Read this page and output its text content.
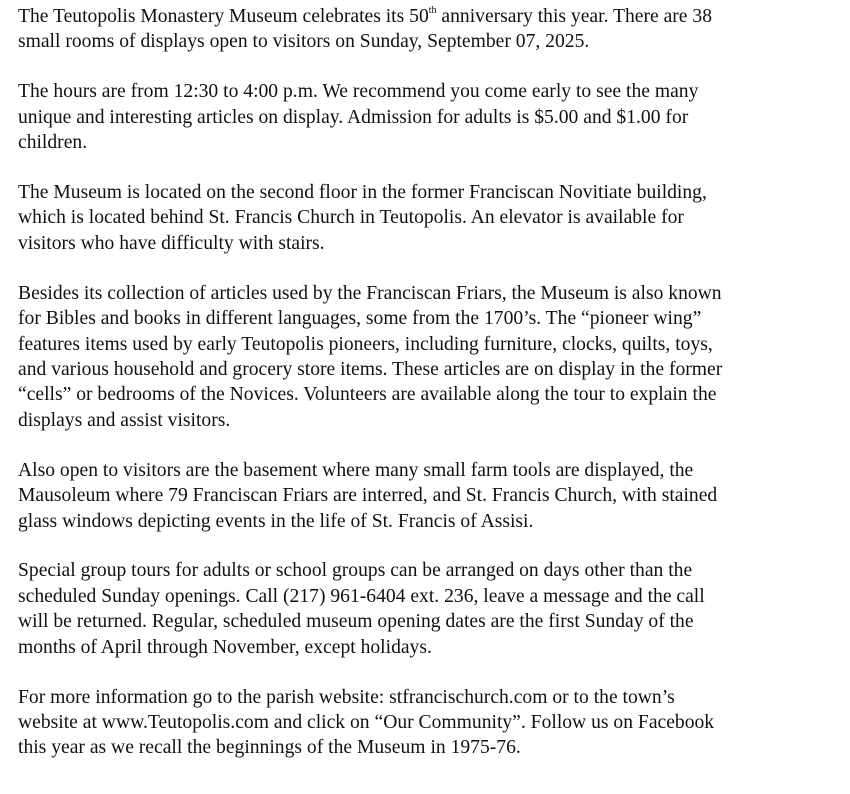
The Teutopolis Monastery Museum celebrates its 50th anniversary this year. There are 38
small rooms of displays open to visitors on Sunday, September 07, 2025.

The hours are from 12:30 to 4:00 p.m. We recommend you come early to see the many
unique and interesting articles on display. Admission for adults is $5.00 and $1.00 for
children.

The Museum is located on the second floor in the former Franciscan Novitiate building,
which is located behind St. Francis Church in Teutopolis. An elevator is available for
visitors who have difficulty with stairs.

Besides its collection of articles used by the Franciscan Friars, the Museum is also known
for Bibles and books in different languages, some from the 1700’s. The “pioneer wing”
features items used by early Teutopolis pioneers, including furniture, clocks, quilts, toys,
and various household and grocery store items. These articles are on display in the former
“cells” or bedrooms of the Novices. Volunteers are available along the tour to explain the
displays and assist visitors.

Also open to visitors are the basement where many small farm tools are displayed, the
Mausoleum where 79 Franciscan Friars are interred, and St. Francis Church, with stained
glass windows depicting events in the life of St. Francis of Assisi.

Special group tours for adults or school groups can be arranged on days other than the
scheduled Sunday openings. Call (217) 961-6404 ext. 236, leave a message and the call
will be returned. Regular, scheduled museum opening dates are the first Sunday of the
months of April through November, except holidays.

For more information go to the parish website: stfrancischurch.com or to the town’s
website at www.Teutopolis.com and click on “Our Community”. Follow us on Facebook
this year as we recall the beginnings of the Museum in 1975-76.
